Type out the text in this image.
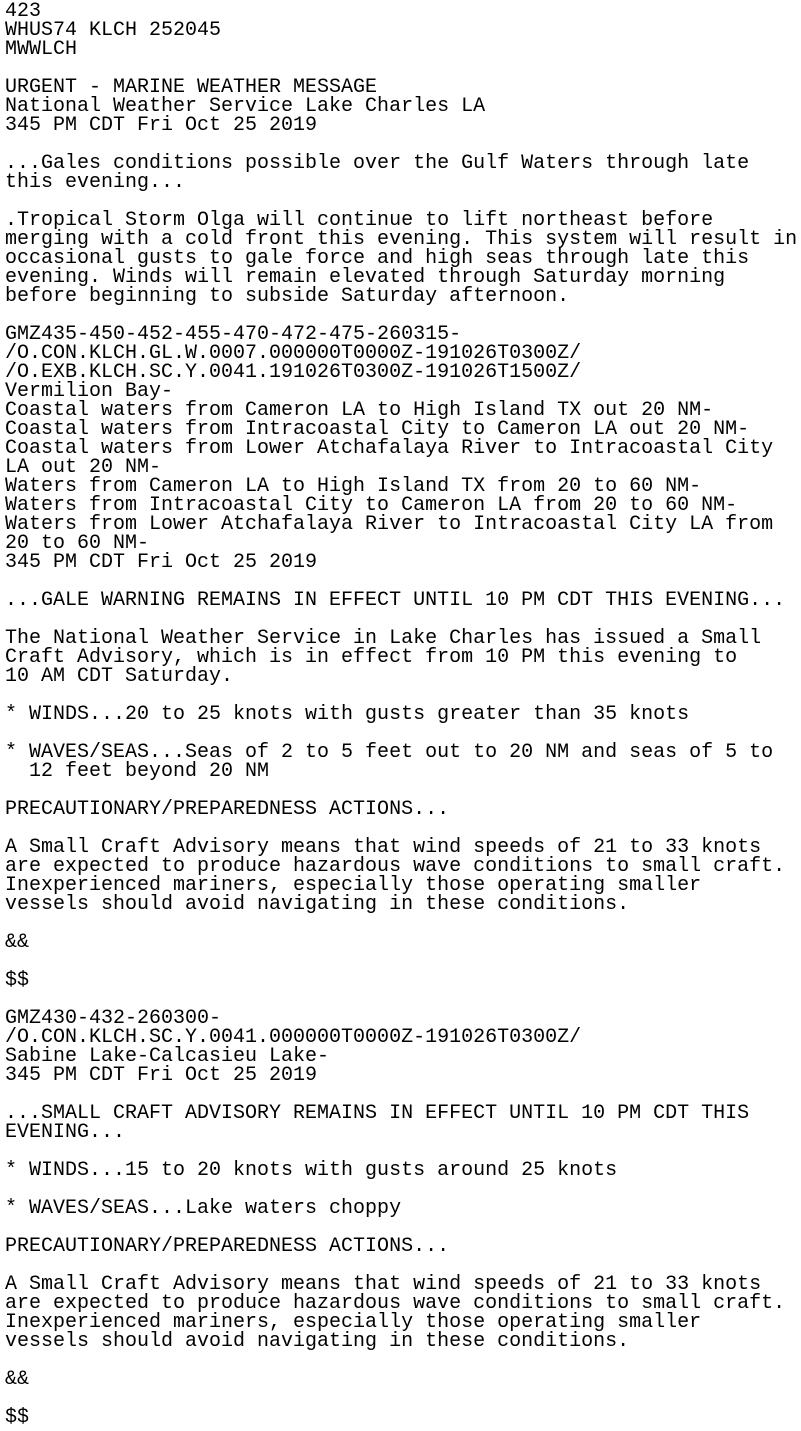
423
WHUS74 KLCH 252045
MWWLCH
URGENT - MARINE WEATHER MESSAGE
National Weather Service Lake Charles LA
345 PM CDT Fri Oct 25 2019
...Gales conditions possible over the Gulf Waters through late
this evening...
.Tropical Storm Olga will continue to lift northeast before
merging with a cold front this evening. This system will result in
occasional gusts to gale force and high seas through late this
evening. Winds will remain elevated through Saturday morning
before beginning to subside Saturday afternoon.
GMZ435-450-452-455-470-472-475-260315-
/O.CON.KLCH.GL.W.0007.000000T0000Z-191026T0300Z/
/O.EXB.KLCH.SC.Y.0041.191026T0300Z-191026T1500Z/
Vermilion Bay-
Coastal waters from Cameron LA to High Island TX out 20 NM-
Coastal waters from Intracoastal City to Cameron LA out 20 NM-
Coastal waters from Lower Atchafalaya River to Intracoastal City
LA out 20 NM-
Waters from Cameron LA to High Island TX from 20 to 60 NM-
Waters from Intracoastal City to Cameron LA from 20 to 60 NM-
Waters from Lower Atchafalaya River to Intracoastal City LA from
20 to 60 NM-
345 PM CDT Fri Oct 25 2019
...GALE WARNING REMAINS IN EFFECT UNTIL 10 PM CDT THIS EVENING...
The National Weather Service in Lake Charles has issued a Small
Craft Advisory, which is in effect from 10 PM this evening to
10 AM CDT Saturday.
* WINDS...20 to 25 knots with gusts greater than 35 knots
* WAVES/SEAS...Seas of 2 to 5 feet out to 20 NM and seas of 5 to
12 feet beyond 20 NM
PRECAUTIONARY/PREPAREDNESS ACTIONS...
A Small Craft Advisory means that wind speeds of 21 to 33 knots
are expected to produce hazardous wave conditions to small craft.
Inexperienced mariners, especially those operating smaller
vessels should avoid navigating in these conditions.
&&
$$
GMZ430-432-260300-
/O.CON.KLCH.SC.Y.0041.000000T0000Z-191026T0300Z/
Sabine Lake-Calcasieu Lake-
345 PM CDT Fri Oct 25 2019
...SMALL CRAFT ADVISORY REMAINS IN EFFECT UNTIL 10 PM CDT THIS
EVENING...
* WINDS...15 to 20 knots with gusts around 25 knots
* WAVES/SEAS...Lake waters choppy
PRECAUTIONARY/PREPAREDNESS ACTIONS...
A Small Craft Advisory means that wind speeds of 21 to 33 knots
are expected to produce hazardous wave conditions to small craft.
Inexperienced mariners, especially those operating smaller
vessels should avoid navigating in these conditions.
&&
$$
